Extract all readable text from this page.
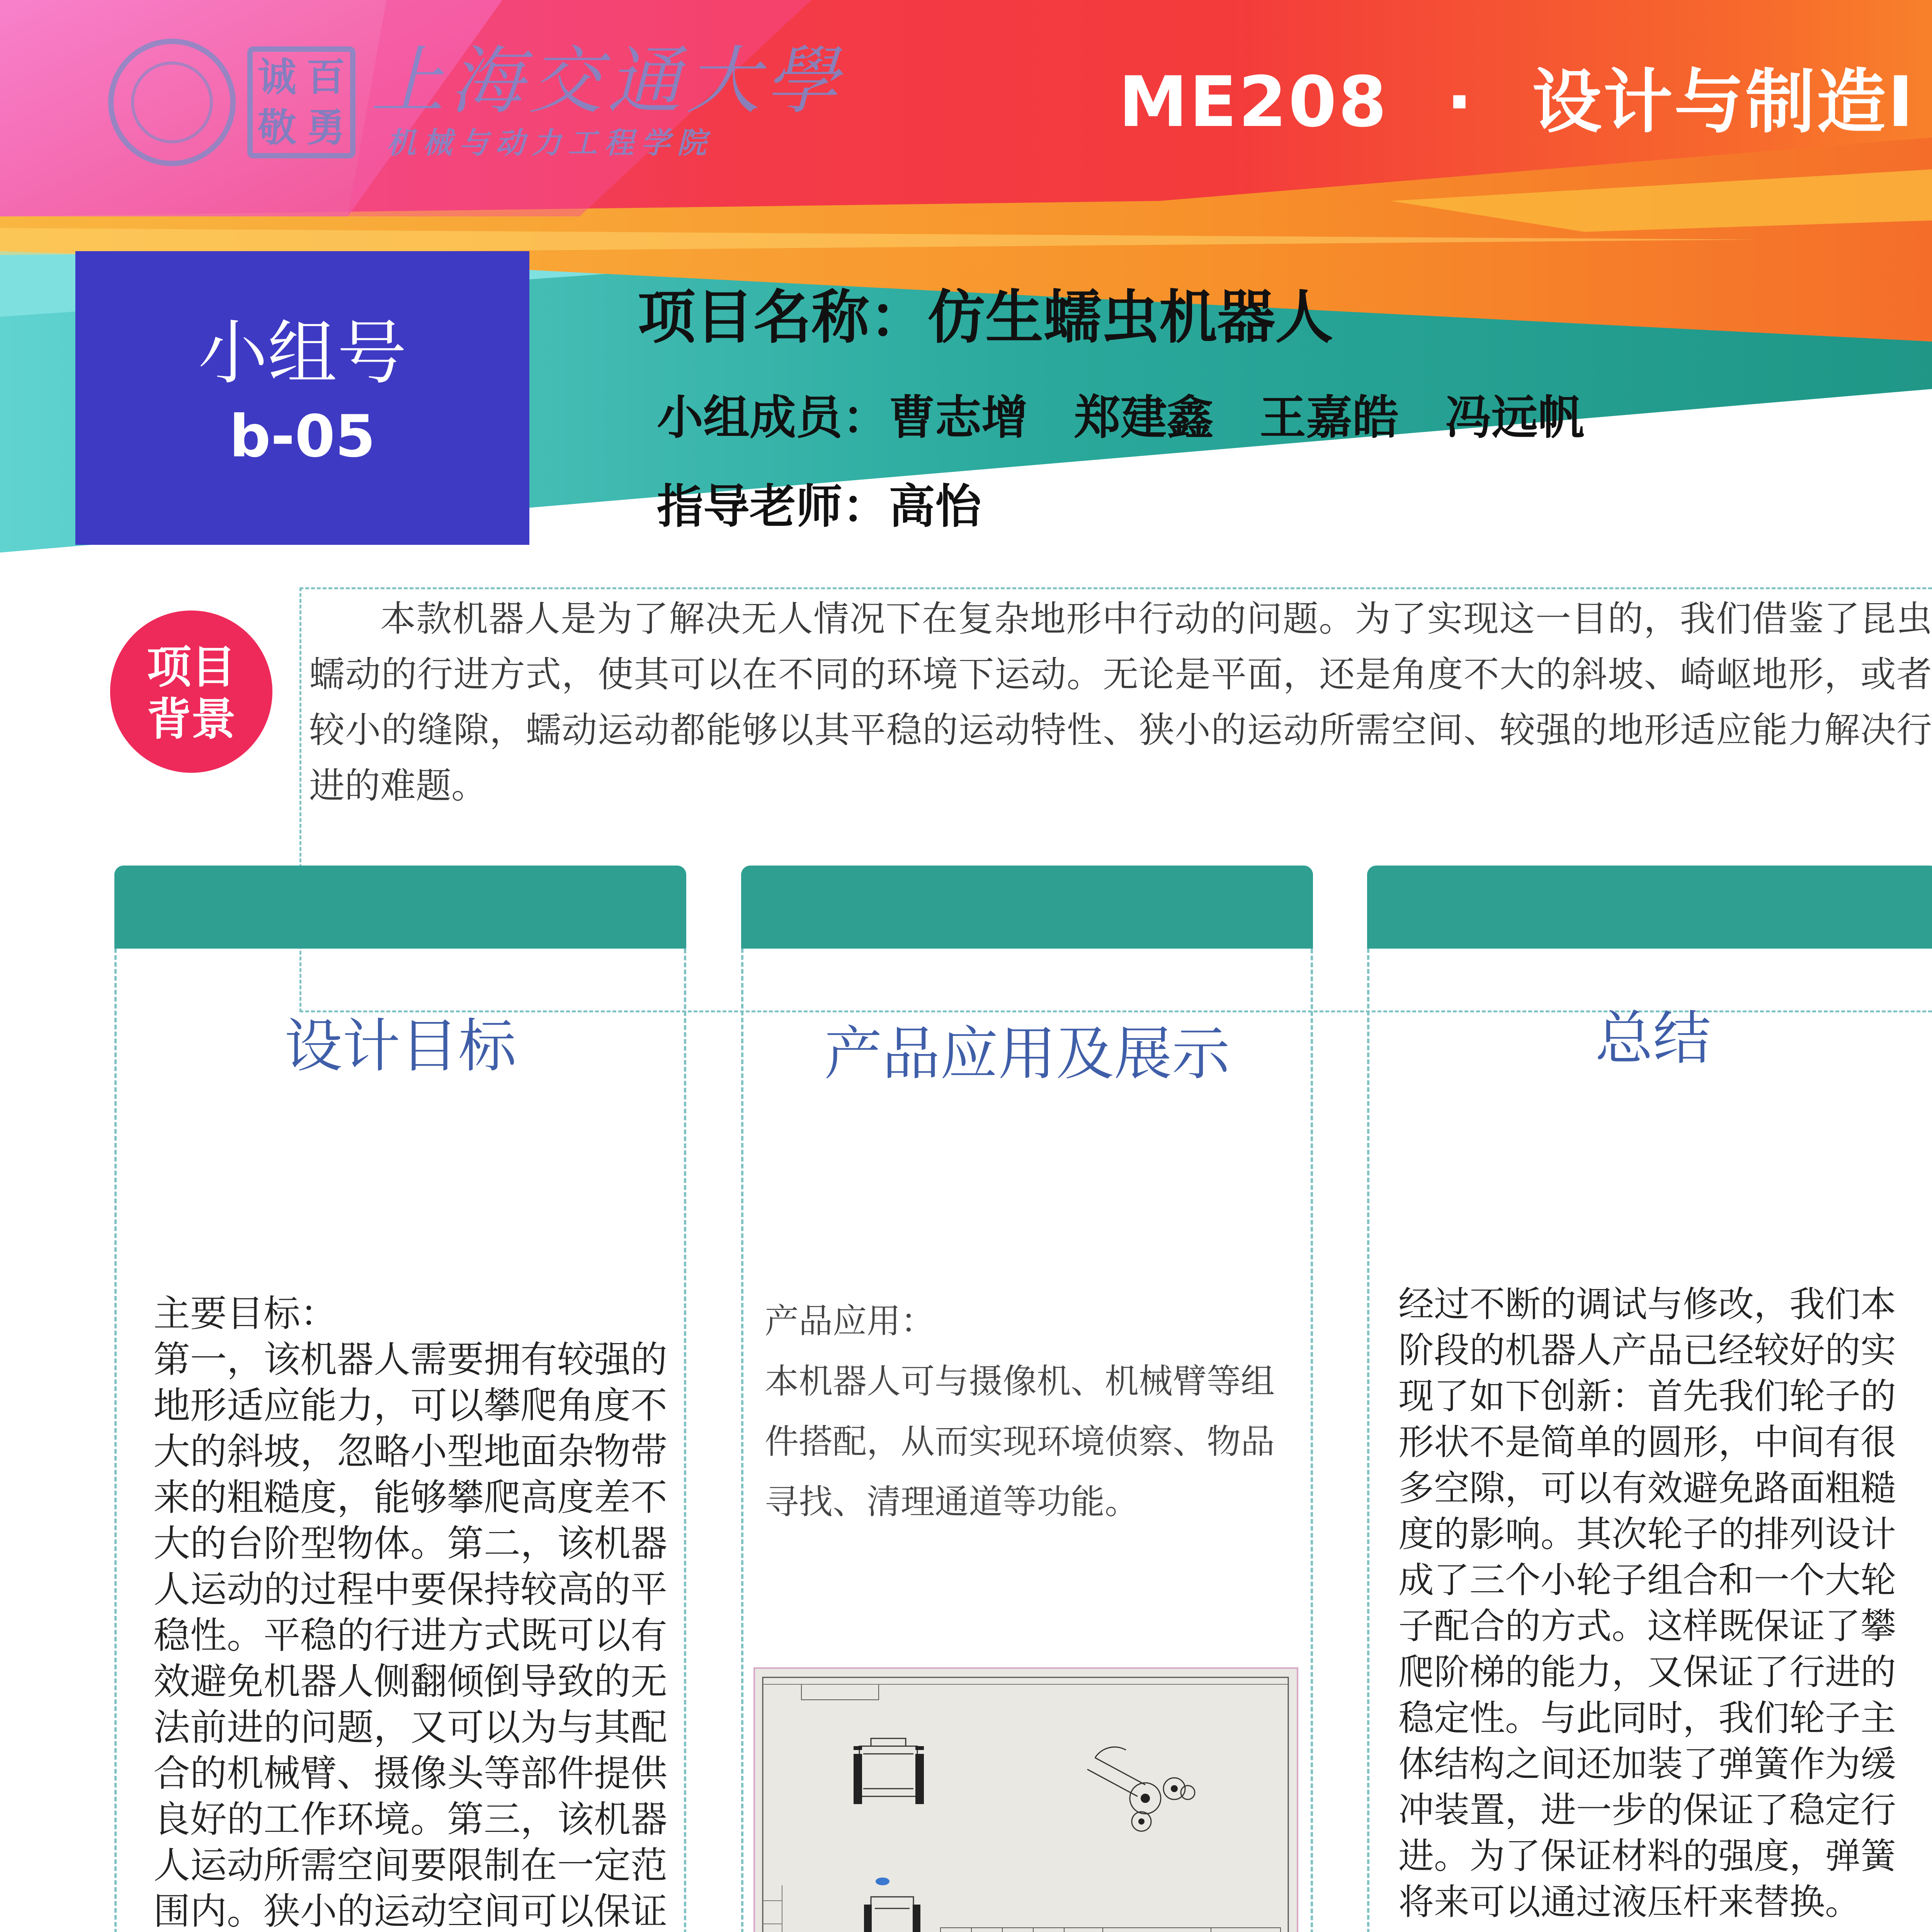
诚 百
敬 勇
上海交通大學
机械与动力工程学院
ME208 · 设计与制造Ⅰ
小组号
b-05
项目名称：仿生蠕虫机器人
小组成员：曹志增　郑建鑫　王嘉皓　冯远帆
指导老师：高怡
项目
背景
本款机器人是为了解决无人情况下在复杂地形中行动的问题。为了实现这一目的，我们借鉴了昆虫蠕动的行进方式，使其可以在不同的环境下运动。无论是平面，还是角度不大的斜坡、崎岖地形，或者较小的缝隙，蠕动运动都能够以其平稳的运动特性、狭小的运动所需空间、较强的地形适应能力解决行进的难题。
设计目标
主要目标：
第一，该机器人需要拥有较强的地形适应能力，可以攀爬角度不大的斜坡，忽略小型地面杂物带来的粗糙度，能够攀爬高度差不大的台阶型物体。第二，该机器人运动的过程中要保持较高的平稳性。平稳的行进方式既可以有效避免机器人侧翻倾倒导致的无法前进的问题，又可以为与其配合的机械臂、摄像头等部件提供良好的工作环境。第三，该机器人运动所需空间要限制在一定范围内。狭小的运动空间可以保证
产品应用及展示
产品应用：
本机器人可与摄像机、机械臂等组件搭配，从而实现环境侦察、物品寻找、清理通道等功能。
总结
经过不断的调试与修改，我们本阶段的机器人产品已经较好的实现了如下创新：首先我们轮子的形状不是简单的圆形，中间有很多空隙，可以有效避免路面粗糙度的影响。其次轮子的排列设计成了三个小轮子组合和一个大轮子配合的方式。这样既保证了攀爬阶梯的能力，又保证了行进的稳定性。与此同时，我们轮子主体结构之间还加装了弹簧作为缓冲装置，进一步的保证了稳定行进。为了保证材料的强度，弹簧将来可以通过液压杆来替换。
